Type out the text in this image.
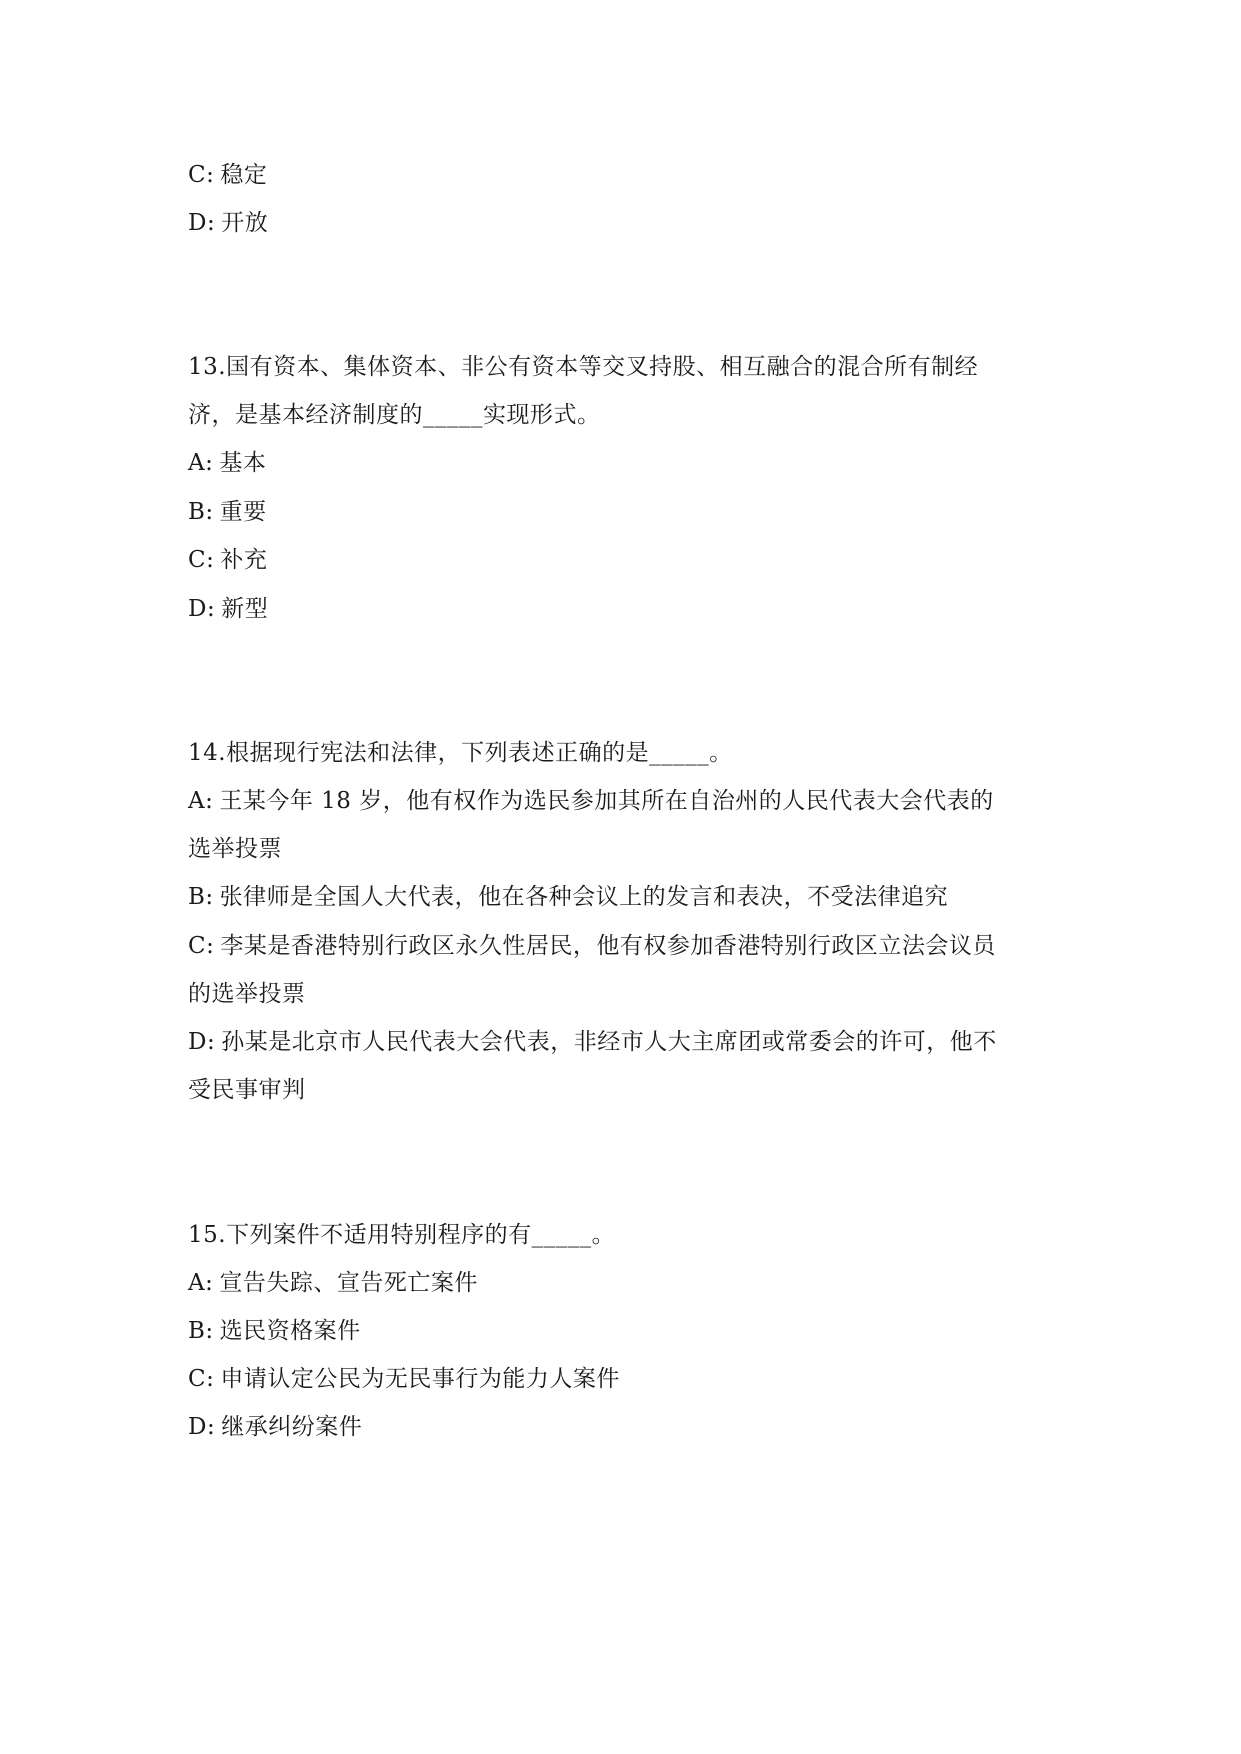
C: 稳定
D: 开放
13.国有资本、集体资本、非公有资本等交叉持股、相互融合的混合所有制经
济，是基本经济制度的_____实现形式。
A: 基本
B: 重要
C: 补充
D: 新型
14.根据现行宪法和法律，下列表述正确的是_____。
A: 王某今年 18 岁，他有权作为选民参加其所在自治州的人民代表大会代表的
选举投票
B: 张律师是全国人大代表，他在各种会议上的发言和表决，不受法律追究
C: 李某是香港特别行政区永久性居民，他有权参加香港特别行政区立法会议员
的选举投票
D: 孙某是北京市人民代表大会代表，非经市人大主席团或常委会的许可，他不
受民事审判
15.下列案件不适用特别程序的有_____。
A: 宣告失踪、宣告死亡案件
B: 选民资格案件
C: 申请认定公民为无民事行为能力人案件
D: 继承纠纷案件
